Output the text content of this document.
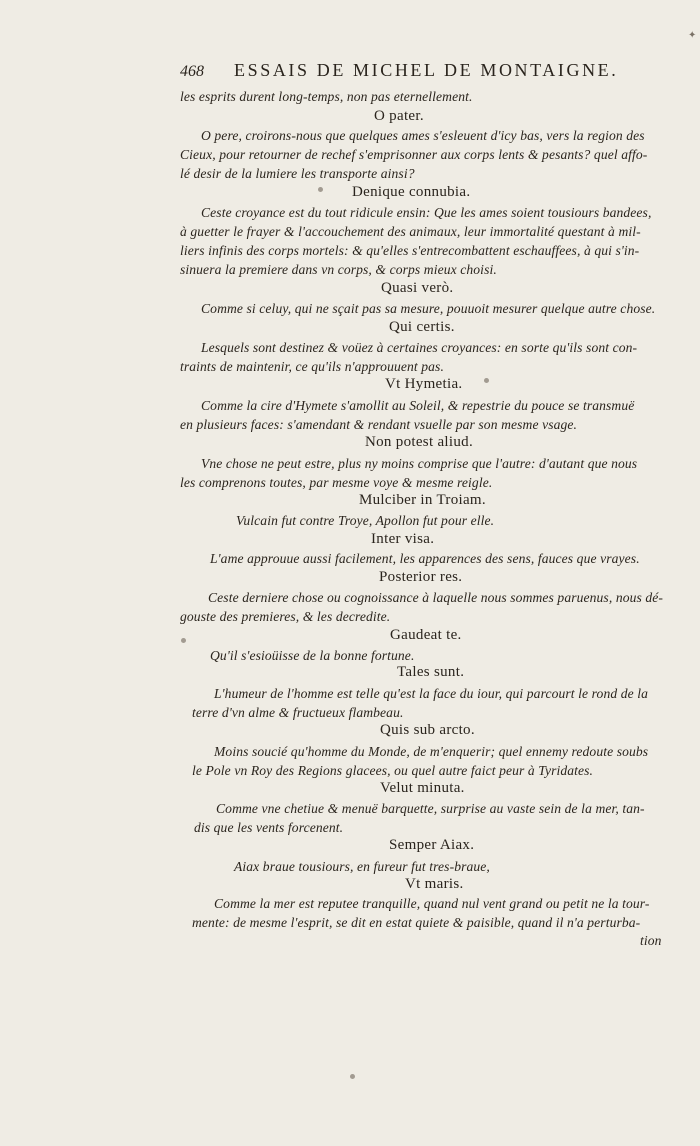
✦
468	ESSAIS DE MICHEL DE MONTAIGNE.
les esprits durent long-temps, non pas eternellement.
O pater.
O pere, croirons-nous que quelques ames s'esleuent d'icy bas, vers la region des
Cieux, pour retourner de rechef s'emprisonner aux corps lents & pesants? quel affo-
lé desir de la lumiere les transporte ainsi?
Denique connubia.
Ceste croyance est du tout ridicule ensin: Que les ames soient tousiours bandees,
à guetter le frayer & l'accouchement des animaux, leur immortalité questant à mil-
liers infinis des corps mortels: & qu'elles s'entrecombattent eschauffees, à qui s'in-
sinuera la premiere dans vn corps, & corps mieux choisi.
Quasi verò.
Comme si celuy, qui ne sçait pas sa mesure, pouuoit mesurer quelque autre chose.
Qui certis.
Lesquels sont destinez & voüez à certaines croyances: en sorte qu'ils sont con-
traints de maintenir, ce qu'ils n'approuuent pas.
Vt Hymetia.
Comme la cire d'Hymete s'amollit au Soleil, & repestrie du pouce se transmuë
en plusieurs faces: s'amendant & rendant vsuelle par son mesme vsage.
Non potest aliud.
Vne chose ne peut estre, plus ny moins comprise que l'autre: d'autant que nous
les comprenons toutes, par mesme voye & mesme reigle.
Mulciber in Troiam.
Vulcain fut contre Troye, Apollon fut pour elle.
Inter visa.
L'ame approuue aussi facilement, les apparences des sens, fauces que vrayes.
Posterior res.
Ceste derniere chose ou cognoissance à laquelle nous sommes paruenus, nous dé-
gouste des premieres, & les decredite.
Gaudeat te.
Qu'il s'esioüisse de la bonne fortune.
Tales sunt.
L'humeur de l'homme est telle qu'est la face du iour, qui parcourt le rond de la
terre d'vn alme & fructueux flambeau.
Quis sub arcto.
Moins soucié qu'homme du Monde, de m'enquerir; quel ennemy redoute soubs
le Pole vn Roy des Regions glacees, ou quel autre faict peur à Tyridates.
Velut minuta.
Comme vne chetiue & menuë barquette, surprise au vaste sein de la mer, tan-
dis que les vents forcenent.
Semper Aiax.
Aiax braue tousiours, en fureur fut tres-braue,
Vt maris.
Comme la mer est reputee tranquille, quand nul vent grand ou petit ne la tour-
mente: de mesme l'esprit, se dit en estat quiete & paisible, quand il n'a perturba-
tion
